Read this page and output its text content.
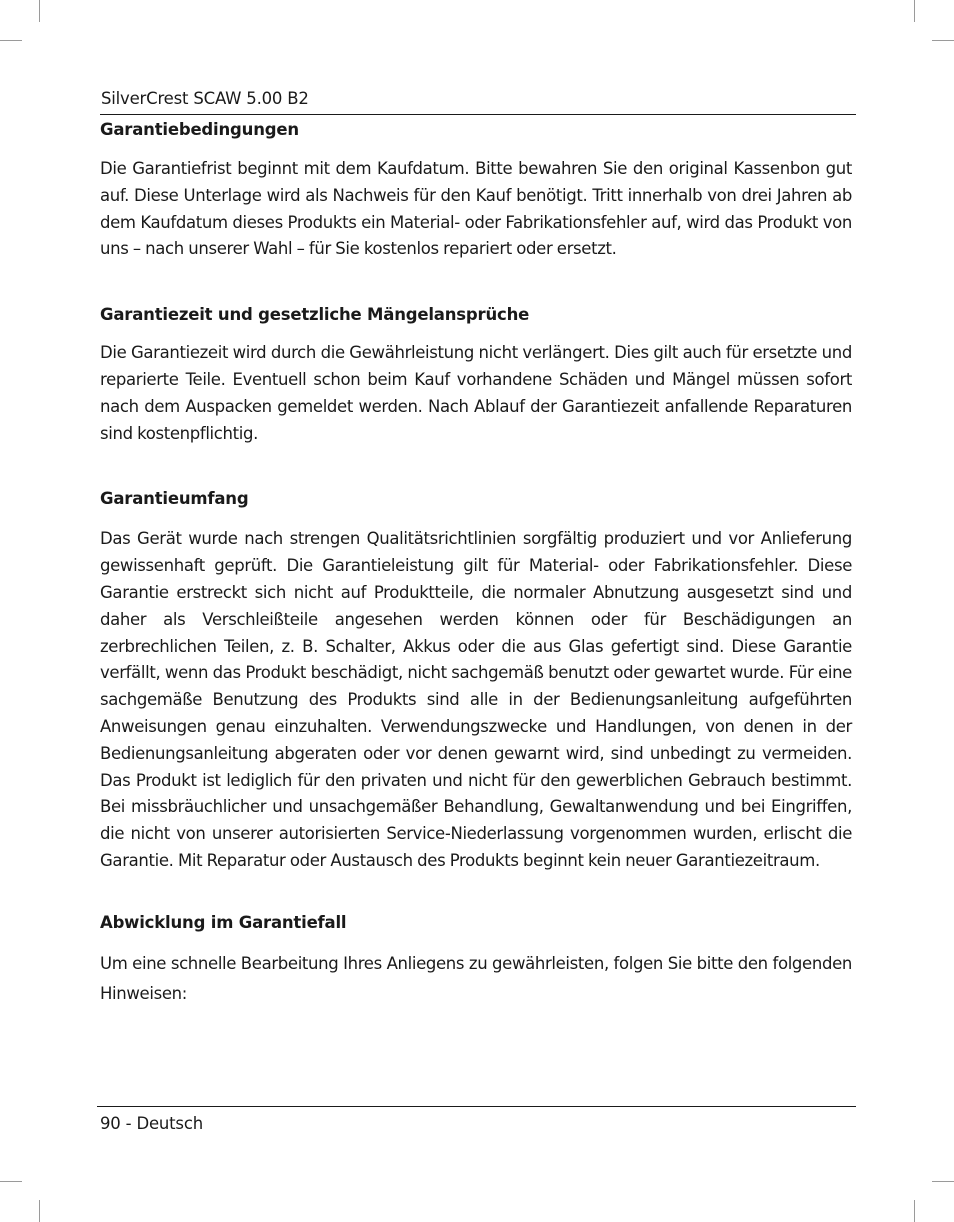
SilverCrest SCAW 5.00 B2
Garantiebedingungen

Die Garantiefrist beginnt mit dem Kaufdatum. Bitte bewahren Sie den original Kassenbon gut auf. Diese Unterlage wird als Nachweis für den Kauf benötigt. Tritt innerhalb von drei Jahren ab dem Kaufdatum dieses Produkts ein Material- oder Fabrikationsfehler auf, wird das Produkt von uns – nach unserer Wahl – für Sie kostenlos repariert oder ersetzt.

Garantiezeit und gesetzliche Mängelansprüche

Die Garantiezeit wird durch die Gewährleistung nicht verlängert. Dies gilt auch für ersetzte und reparierte Teile. Eventuell schon beim Kauf vorhandene Schäden und Mängel müssen sofort nach dem Auspacken gemeldet werden. Nach Ablauf der Garantiezeit anfallende Reparaturen sind kostenpflichtig.

Garantieumfang

Das Gerät wurde nach strengen Qualitätsrichtlinien sorgfältig produziert und vor Anlieferung gewissenhaft geprüft. Die Garantieleistung gilt für Material- oder Fabrikationsfehler. Diese Garantie erstreckt sich nicht auf Produktteile, die normaler Abnutzung ausgesetzt sind und daher als Verschleißteile angesehen werden können oder für Beschädigungen an zerbrechlichen Teilen, z. B. Schalter, Akkus oder die aus Glas gefertigt sind. Diese Garantie verfällt, wenn das Produkt beschädigt, nicht sachgemäß benutzt oder gewartet wurde. Für eine sachgemäße Benutzung des Produkts sind alle in der Bedienungsanleitung aufgeführten Anweisungen genau einzuhalten. Verwendungszwecke und Handlungen, von denen in der Bedienungsanleitung abgeraten oder vor denen gewarnt wird, sind unbedingt zu vermeiden. Das Produkt ist lediglich für den privaten und nicht für den gewerblichen Gebrauch bestimmt. Bei missbräuchlicher und unsachgemäßer Behandlung, Gewaltanwendung und bei Eingriffen, die nicht von unserer autorisierten Service-Niederlassung vorgenommen wurden, erlischt die Garantie. Mit Reparatur oder Austausch des Produkts beginnt kein neuer Garantiezeitraum.

Abwicklung im Garantiefall

Um eine schnelle Bearbeitung Ihres Anliegens zu gewährleisten, folgen Sie bitte den folgenden Hinweisen:

90 - Deutsch
